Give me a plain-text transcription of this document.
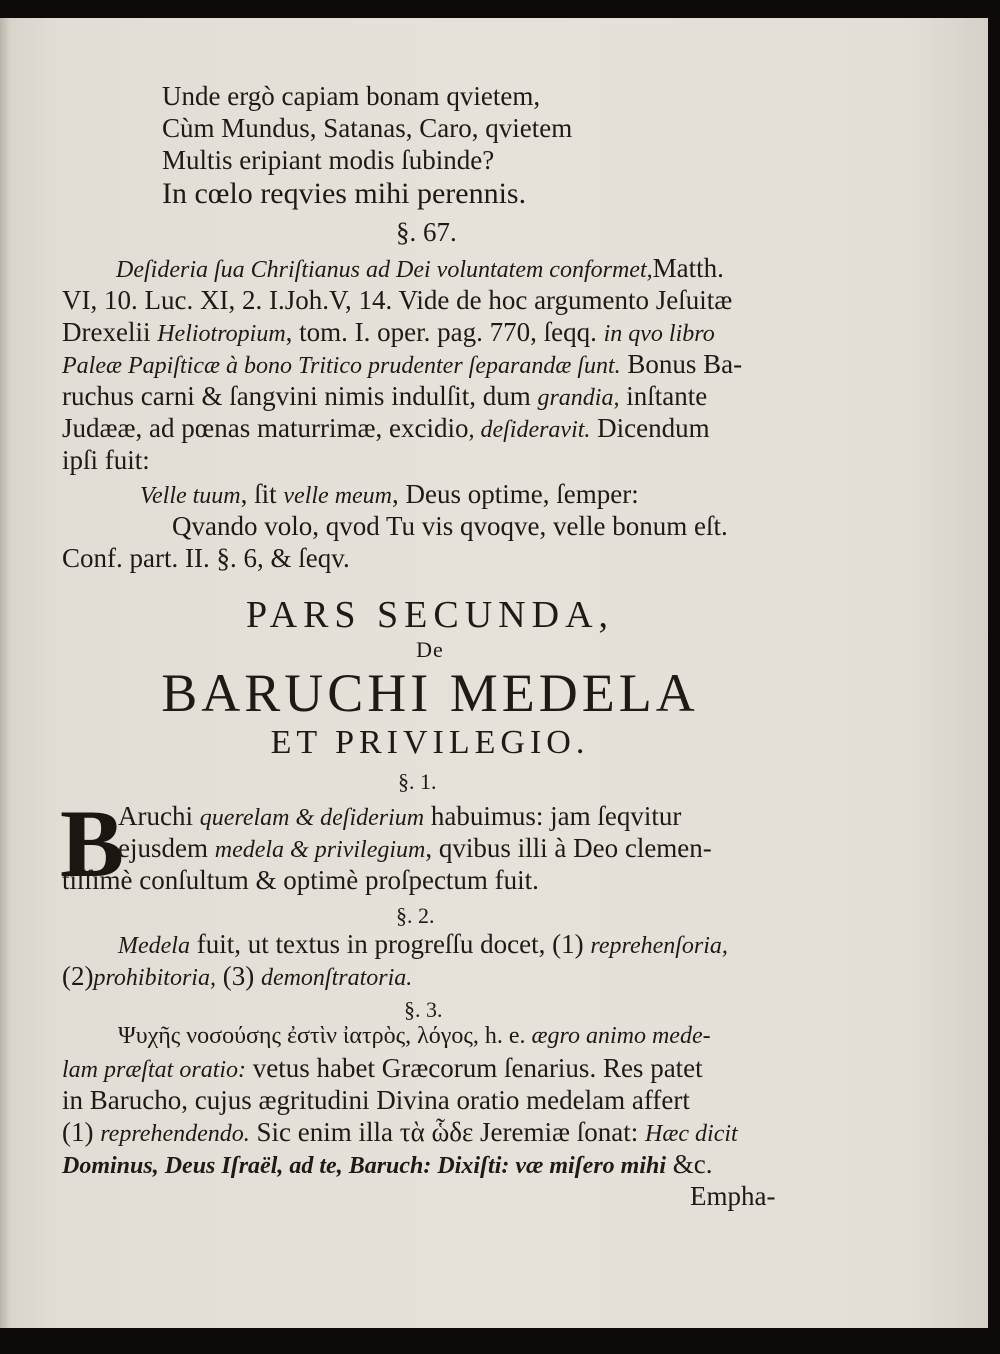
Unde ergò capiam bonam qvietem,
Cùm Mundus, Satanas, Caro, qvietem
Multis eripiant modis ſubinde?
In cœlo reqvies mihi perennis.
§. 67.
Deſideria ſua Chriſtianus ad Dei voluntatem conformet,Matth.
VI, 10. Luc. XI, 2. I.Joh.V, 14. Vide de hoc argumento Jeſuitæ
Drexelii Heliotropium, tom. I. oper. pag. 770, ſeqq. in qvo libro
Paleæ Papiſticæ à bono Tritico prudenter ſeparandæ ſunt. Bonus Ba-
ruchus carni & ſangvini nimis indulſit, dum grandia, inſtante
Judææ, ad pœnas maturrimæ, excidio, deſideravit. Dicendum
ipſi fuit:
Velle tuum, ſit velle meum, Deus optime, ſemper:
Qvando volo, qvod Tu vis qvoqve, velle bonum eſt.
Conf. part. II. §. 6, & ſeqv.
PARS SECUNDA,
De
BARUCHI MEDELA
ET PRIVILEGIO.
§. 1.
B
Aruchi querelam & deſiderium habuimus: jam ſeqvitur
ejusdem medela & privilegium, qvibus illi à Deo clemen-
tiſſimè conſultum & optimè proſpectum fuit.
§. 2.
Medela fuit, ut textus in progreſſu docet, (1) reprehenſoria,
(2)prohibitoria, (3) demonſtratoria.
§. 3.
Ψυχῆς νοσούσης ἐστὶν ἰατρὸς, λόγος, h. e. ægro animo mede-
lam præſtat oratio: vetus habet Græcorum ſenarius. Res patet
in Barucho, cujus ægritudini Divina oratio medelam affert
(1) reprehendendo. Sic enim illa τὰ ὧδε Jeremiæ ſonat: Hæc dicit
Dominus, Deus Iſraël, ad te, Baruch: Dixiſti: væ miſero mihi &c.
Empha-
